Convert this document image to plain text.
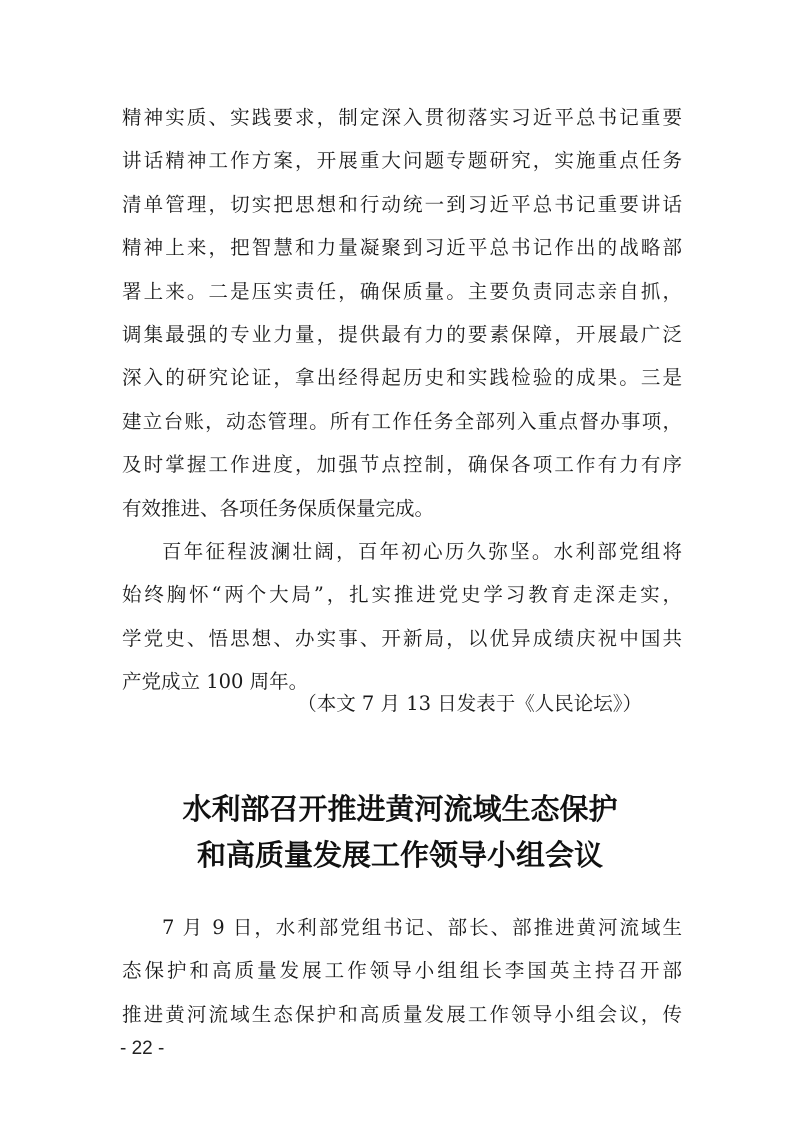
精神实质、实践要求，制定深入贯彻落实习近平总书记重要
讲话精神工作方案，开展重大问题专题研究，实施重点任务
清单管理，切实把思想和行动统一到习近平总书记重要讲话
精神上来，把智慧和力量凝聚到习近平总书记作出的战略部
署上来。二是压实责任，确保质量。主要负责同志亲自抓，
调集最强的专业力量，提供最有力的要素保障，开展最广泛
深入的研究论证，拿出经得起历史和实践检验的成果。三是
建立台账，动态管理。所有工作任务全部列入重点督办事项，
及时掌握工作进度，加强节点控制，确保各项工作有力有序
有效推进、各项任务保质保量完成。
百年征程波澜壮阔，百年初心历久弥坚。水利部党组将
始终胸怀“两个大局”，扎实推进党史学习教育走深走实，
学党史、悟思想、办实事、开新局，以优异成绩庆祝中国共
产党成立 100 周年。
（本文 7 月 13 日发表于《人民论坛》）
水利部召开推进黄河流域生态保护
和高质量发展工作领导小组会议
7 月 9 日，水利部党组书记、部长、部推进黄河流域生
态保护和高质量发展工作领导小组组长李国英主持召开部
推进黄河流域生态保护和高质量发展工作领导小组会议，传
- 22 -
